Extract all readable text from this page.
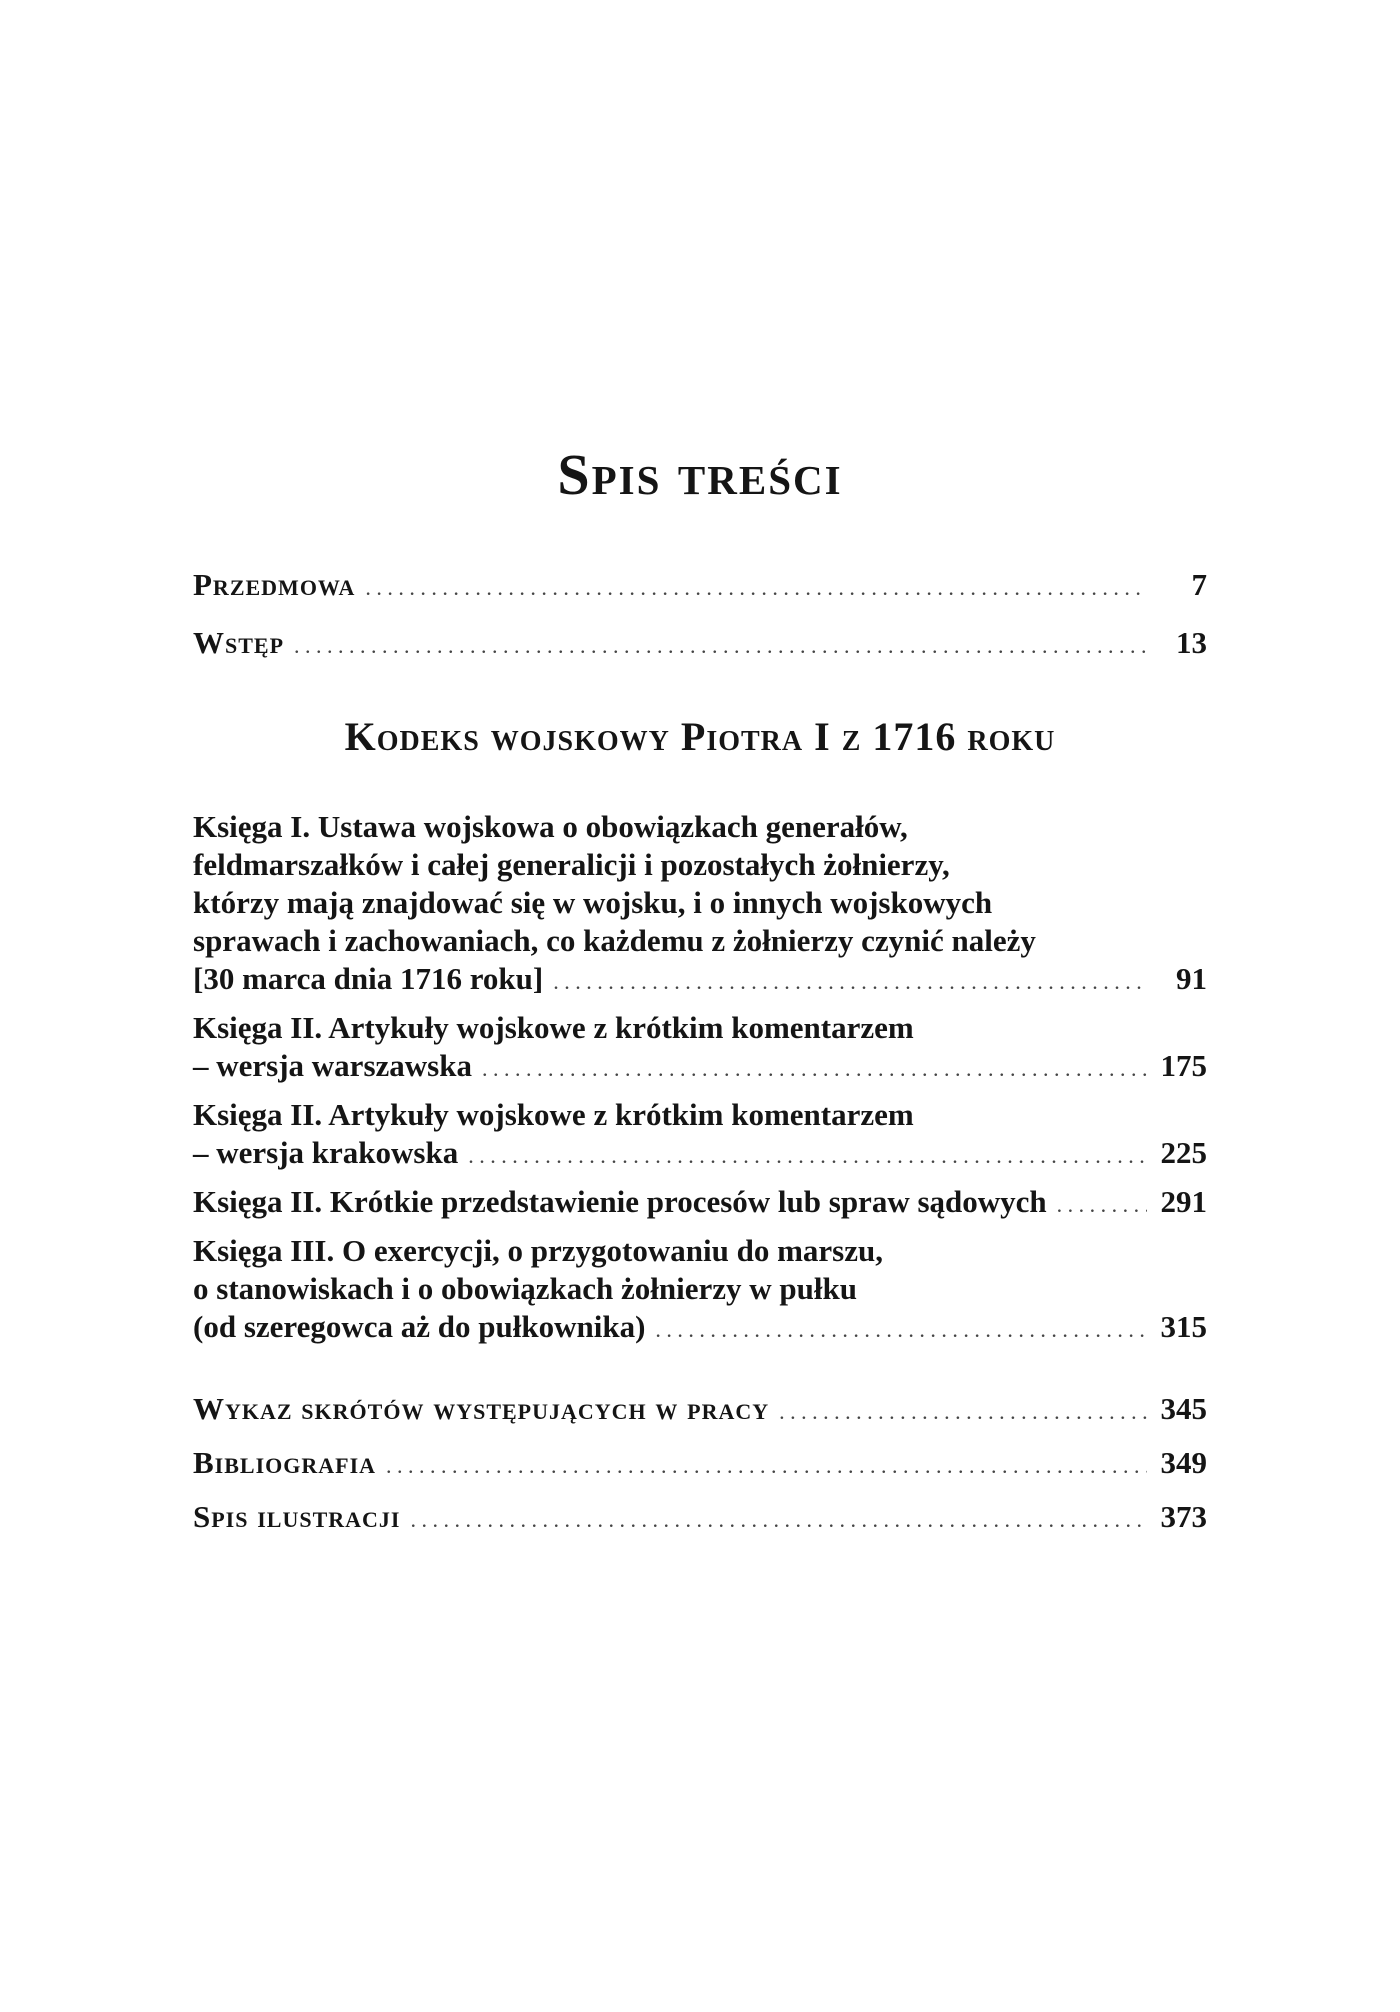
Spis treści
Przedmowa . . .	7
Wstęp . . .	13
Kodeks wojskowy Piotra I z 1716 roku
Księga I. Ustawa wojskowa o obowiązkach generałów,
feldmarszałków i całej generalicji i pozostałych żołnierzy,
którzy mają znajdować się w wojsku, i o innych wojskowych
sprawach i zachowaniach, co każdemu z żołnierzy czynić należy
[30 marca dnia 1716 roku] . . .	91
Księga II. Artykuły wojskowe z krótkim komentarzem
– wersja warszawska . . .	175
Księga II. Artykuły wojskowe z krótkim komentarzem
– wersja krakowska . . .	225
Księga II. Krótkie przedstawienie procesów lub spraw sądowych . . .	291
Księga III. O exercycji, o przygotowaniu do marszu,
o stanowiskach i o obowiązkach żołnierzy w pułku
(od szeregowca aż do pułkownika) . . .	315
Wykaz skrótów występujących w pracy . . .	345
Bibliografia . . .	349
Spis ilustracji . . .	373
